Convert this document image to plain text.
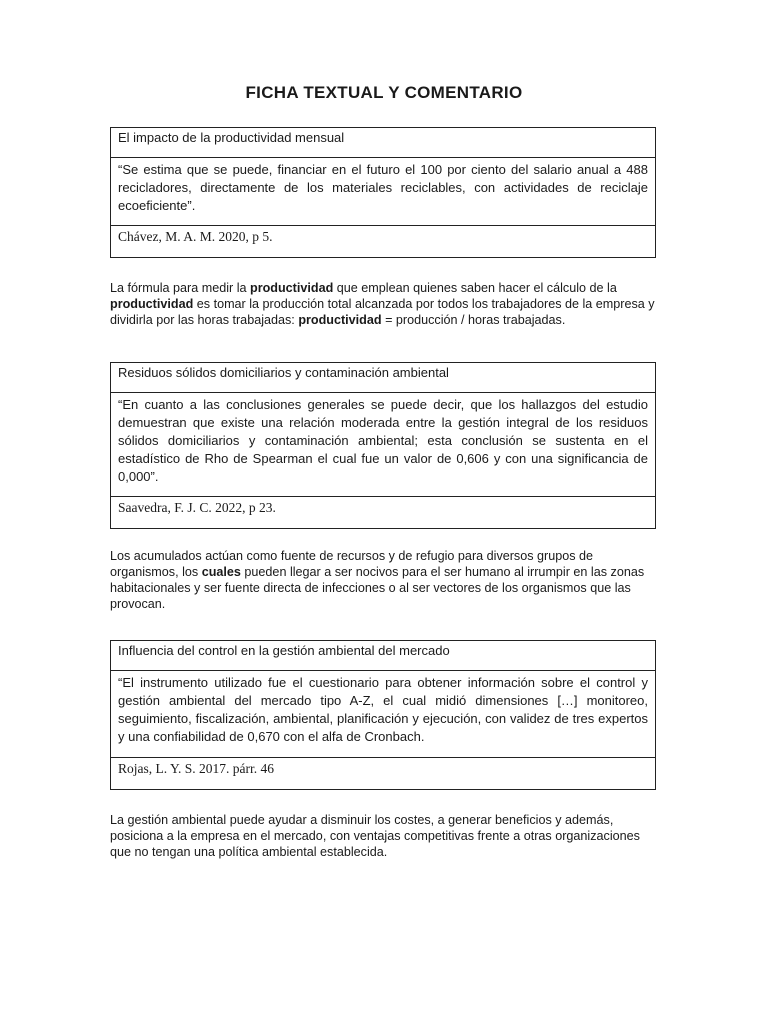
FICHA TEXTUAL Y COMENTARIO
El impacto de la productividad mensual
“Se estima que se puede, financiar en el futuro el 100 por ciento del salario anual a 488 recicladores, directamente de los materiales reciclables, con actividades de reciclaje ecoeficiente”.
Chávez, M. A. M. 2020, p 5.

La fórmula para medir la productividad que emplean quienes saben hacer el cálculo de la productividad es tomar la producción total alcanzada por todos los trabajadores de la empresa y dividirla por las horas trabajadas: productividad = producción / horas trabajadas.

Residuos sólidos domiciliarios y contaminación ambiental
“En cuanto a las conclusiones generales se puede decir, que los hallazgos del estudio demuestran que existe una relación moderada entre la gestión integral de los residuos sólidos domiciliarios y contaminación ambiental; esta conclusión se sustenta en el estadístico de Rho de Spearman el cual fue un valor de 0,606 y con una significancia de 0,000”.
Saavedra, F. J. C. 2022, p 23.

Los acumulados actúan como fuente de recursos y de refugio para diversos grupos de organismos, los cuales pueden llegar a ser nocivos para el ser humano al irrumpir en las zonas habitacionales y ser fuente directa de infecciones o al ser vectores de los organismos que las provocan.

Influencia del control en la gestión ambiental del mercado
“El instrumento utilizado fue el cuestionario para obtener información sobre el control y gestión ambiental del mercado tipo A-Z, el cual midió dimensiones […] monitoreo, seguimiento, fiscalización, ambiental, planificación y ejecución, con validez de tres expertos y una confiabilidad de 0,670 con el alfa de Cronbach.
Rojas, L. Y. S. 2017. párr. 46

La gestión ambiental puede ayudar a disminuir los costes, a generar beneficios y además, posiciona a la empresa en el mercado, con ventajas competitivas frente a otras organizaciones que no tengan una política ambiental establecida.
